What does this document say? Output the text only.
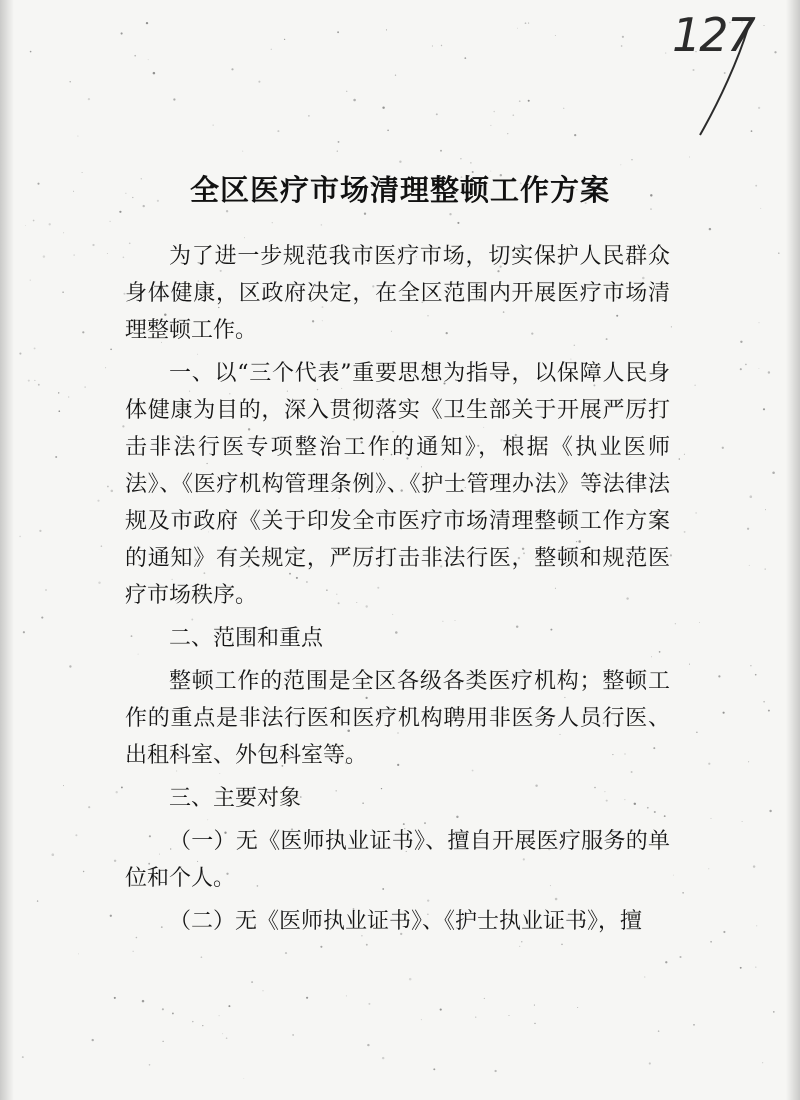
127
全区医疗市场清理整顿工作方案

为了进一步规范我市医疗市场，切实保护人民群众身体健康，区政府决定，在全区范围内开展医疗市场清理整顿工作。

一、以“三个代表”重要思想为指导，以保障人民身体健康为目的，深入贯彻落实《卫生部关于开展严厉打击非法行医专项整治工作的通知》，根据《执业医师法》、《医疗机构管理条例》、《护士管理办法》等法律法规及市政府《关于印发全市医疗市场清理整顿工作方案的通知》有关规定，严厉打击非法行医，整顿和规范医疗市场秩序。

二、范围和重点

整顿工作的范围是全区各级各类医疗机构；整顿工作的重点是非法行医和医疗机构聘用非医务人员行医、出租科室、外包科室等。

三、主要对象

（一）无《医师执业证书》、擅自开展医疗服务的单位和个人。

（二）无《医师执业证书》、《护士执业证书》，擅
